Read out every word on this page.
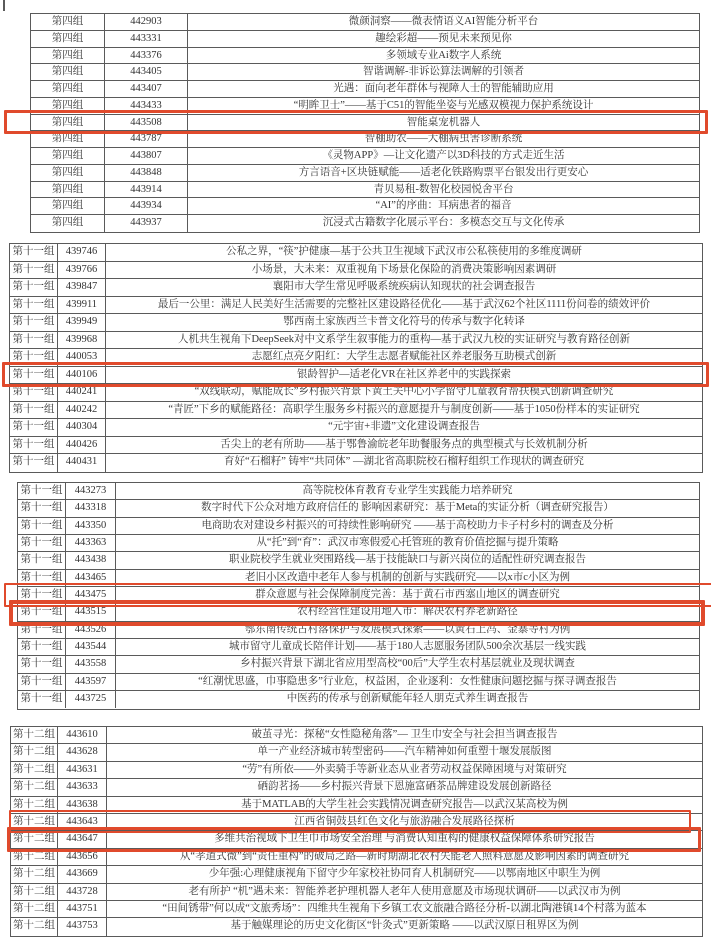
第四组	442903	微颜洞察——微表情语义AI智能分析平台
第四组	443331	趣绘彩超——预见未来预见你
第四组	443376	多领域专业Ai数字人系统
第四组	443405	智谐调解-非诉讼算法调解的引领者
第四组	443407	光遇：面向老年群体与视障人士的智能辅助应用
第四组	443433	“明眸卫士”——基于C51的智能坐姿与光感双模视力保护系统设计
第四组	443508	智能桌宠机器人
第四组	443787	智棚助农——大棚病虫害诊断系统
第四组	443807	《灵物APP》—让文化遗产以3D科技的方式走近生活
第四组	443848	方言语音+区块链赋能——适老化铁路购票平台银发出行更安心
第四组	443914	青贝易租-数智化校园悦舍平台
第四组	443934	“AI”的序曲：耳病患者的福音
第四组	443937	沉浸式古籍数字化展示平台：多模态交互与文化传承
第十一组	439746	公私之界，“筷”护健康—基于公共卫生视域下武汉市公私筷使用的多维度调研
第十一组	439766	小场景，大未来：双重视角下场景化保险的消费决策影响因素调研
第十一组	439847	襄阳市大学生常见呼吸系统疾病认知现状的社会调查报告
第十一组	439911	最后一公里：满足人民美好生活需要的完整社区建设路径优化——基于武汉62个社区1111份问卷的绩效评价
第十一组	439949	鄂西南土家族西兰卡普文化符号的传承与数字化转译
第十一组	439968	人机共生视角下DeepSeek对中文系学生叙事能力的重构—基于武汉九校的实证研究与教育路径创新
第十一组	440053	志愿红点亮夕阳红：大学生志愿者赋能社区养老服务互助模式创新
第十一组	440106	银龄智护—适老化VR在社区养老中的实践探索
第十一组	440241	“双线联动，赋能成长”乡村振兴背景下黄土关中心小学留守儿童教育帮扶模式创新调查研究
第十一组	440242	“青匠”下乡的赋能路径：高职学生服务乡村振兴的意愿提升与制度创新——基于1050份样本的实证研究
第十一组	440304	“元宇宙+非遗”文化建设调查报告
第十一组	440426	舌尖上的老有所助——基于鄂鲁渝皖老年助餐服务点的典型模式与长效机制分析
第十一组	440431	育好“石榴籽” 铸牢“共同体” —湖北省高职院校石榴籽组织工作现状的调查研究
第十一组	443273	高等院校体育教育专业学生实践能力培养研究
第十一组	443318	数字时代下公众对地方政府信任的 影响因素研究：基于Meta的实证分析（调查研究报告）
第十一组	443350	电商助农对建设乡村振兴的可持续性影响研究 ——基于高校助力卡子村乡村的调查及分析
第十一组	443363	从“托”到“育”：武汉市寒假爱心托管班的教育价值挖掘与提升策略
第十一组	443438	职业院校学生就业突围路线—基于技能缺口与新兴岗位的适配性研究调查报告
第十一组	443465	老旧小区改造中老年人参与机制的创新与实践研究——以x市c小区为例
第十一组	443475	群众意愿与社会保障制度完善：基于黄石市西塞山地区的调查研究
第十一组	443515	农村经营性建设用地入市：解决农村养老新路径
第十一组	443526	鄂东南传统古村落保护与发展模式探索——以黄石上冯、金寨等村为例
第十一组	443544	城市留守儿童成长陪伴计划——基于180人志愿服务团队500余次基层一线实践
第十一组	443558	乡村振兴背景下湖北省应用型高校“00后”大学生农村基层就业及现状调查
第十一组	443597	“红潮忧思盛，巾事隐患多”行业危，权益困，企业逐利：女性健康问题挖掘与探寻调查报告
第十一组	443725	中医药的传承与创新赋能年轻人朋克式养生调查报告
第十二组	443610	破茧寻光：探秘“女性隐秘角落”— 卫生巾安全与社会担当调查报告
第十二组	443628	单一产业经济城市转型密码——汽车精神如何重塑十堰发展版图
第十二组	443631	“劳”有所依——外卖骑手等新业态从业者劳动权益保障困境与对策研究
第十二组	443633	硒韵茗扬——乡村振兴背景下恩施富硒茶品牌建设发展创新路径
第十二组	443638	基于MATLAB的大学生社会实践情况调查研究报告—以武汉某高校为例
第十二组	443643	江西省铜鼓县红色文化与旅游融合发展路径探析
第十二组	443647	多维共治视域下卫生巾市场安全治理 与消费认知重构的健康权益保障体系研究报告
第十二组	443656	从“孝道式微”到“责任重构”的破局之路—新时期湖北农村失能老人照料意愿及影响因素的调查研究
第十二组	443669	少年强:心理健康视角下留守少年家校社协同育人机制研究——以鄂南地区中职生为例
第十二组	443728	老有所护 “机”遇未来：智能养老护理机器人老年人使用意愿及市场现状调研——以武汉市为例
第十二组	443751	“田间锈带”何以成“文旅秀场”：四维共生视角下乡镇工农文旅融合路径分析-以湖北陶港镇14个村落为蓝本
第十二组	443753	基于触媒理论的历史文化街区“针灸式”更新策略 ——以武汉原日租界区为例
